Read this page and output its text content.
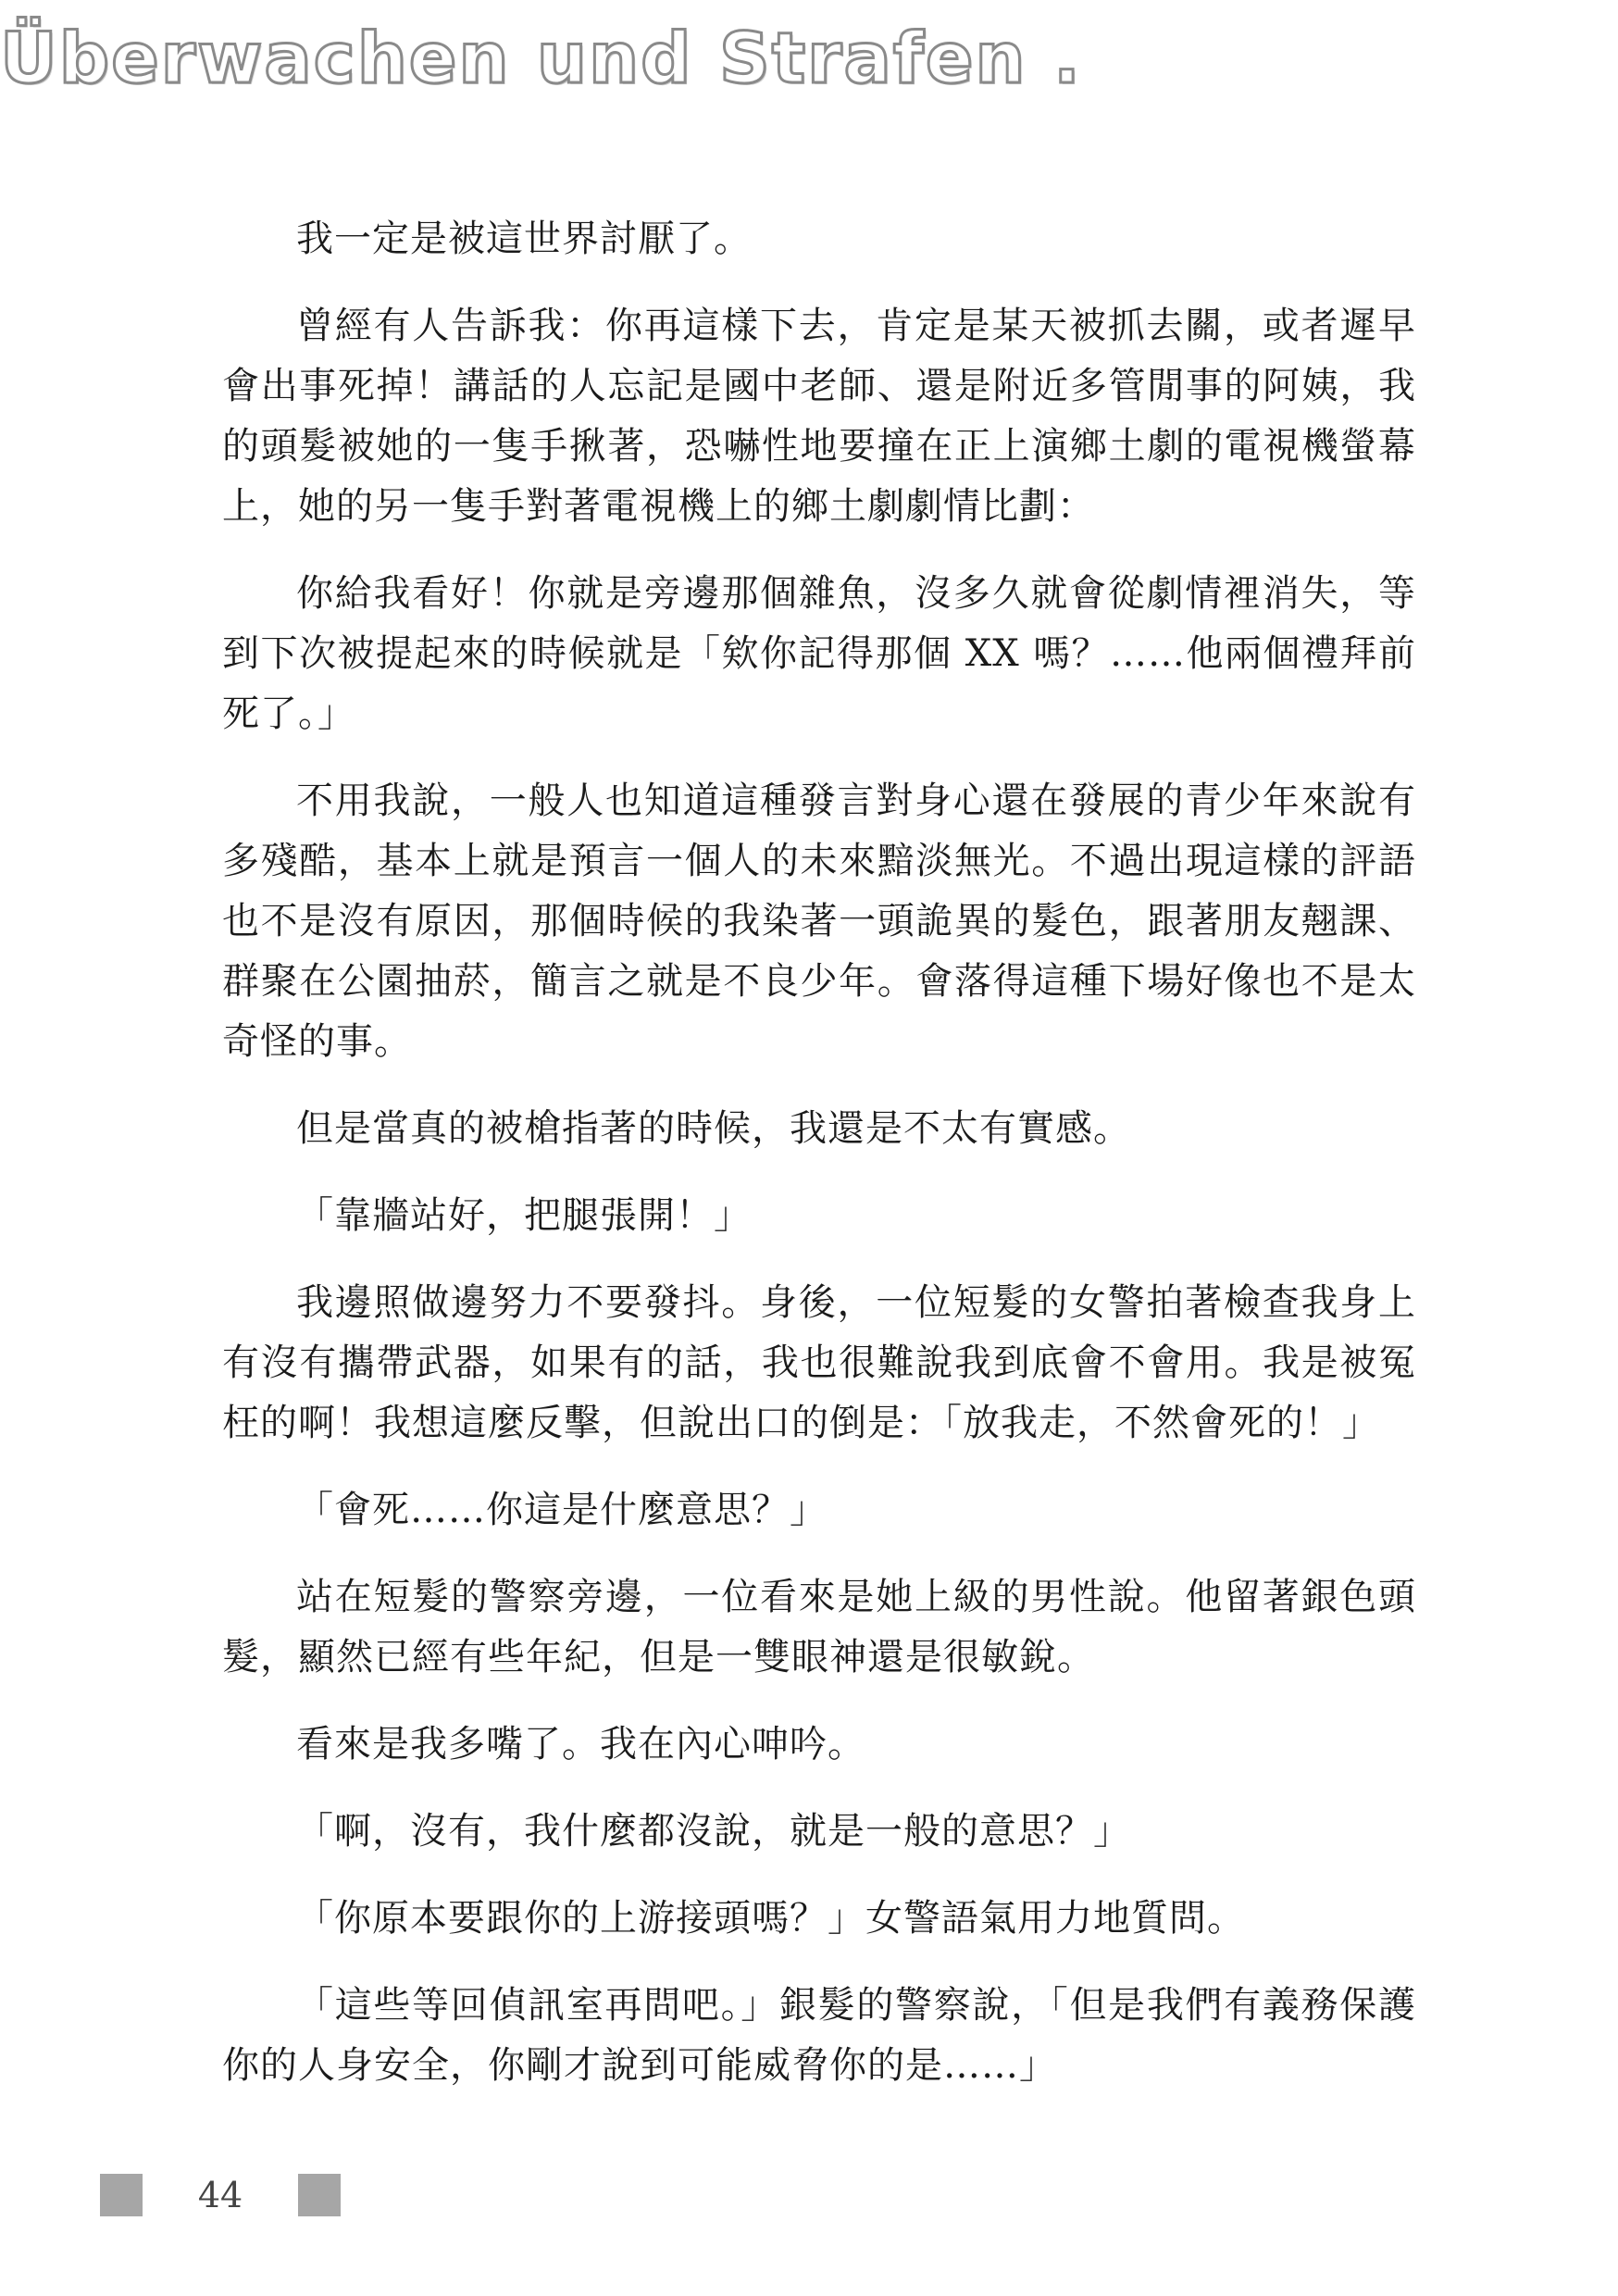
Überwachen und Strafen .

我一定是被這世界討厭了。

曾經有人告訴我：你再這樣下去，肯定是某天被抓去關，或者遲早會出事死掉！講話的人忘記是國中老師、還是附近多管閒事的阿姨，我的頭髮被她的一隻手揪著，恐嚇性地要撞在正上演鄉土劇的電視機螢幕上，她的另一隻手對著電視機上的鄉土劇劇情比劃：

你給我看好！你就是旁邊那個雜魚，沒多久就會從劇情裡消失，等到下次被提起來的時候就是「欸你記得那個 XX 嗎？……他兩個禮拜前死了。」

不用我說，一般人也知道這種發言對身心還在發展的青少年來說有多殘酷，基本上就是預言一個人的未來黯淡無光。不過出現這樣的評語也不是沒有原因，那個時候的我染著一頭詭異的髮色，跟著朋友翹課、群聚在公園抽菸，簡言之就是不良少年。會落得這種下場好像也不是太奇怪的事。

但是當真的被槍指著的時候，我還是不太有實感。

「靠牆站好，把腿張開！」

我邊照做邊努力不要發抖。身後，一位短髮的女警拍著檢查我身上有沒有攜帶武器，如果有的話，我也很難說我到底會不會用。我是被冤枉的啊！我想這麼反擊，但說出口的倒是：「放我走，不然會死的！」

「會死……你這是什麼意思？」

站在短髮的警察旁邊，一位看來是她上級的男性說。他留著銀色頭髮，顯然已經有些年紀，但是一雙眼神還是很敏銳。

看來是我多嘴了。我在內心呻吟。

「啊，沒有，我什麼都沒說，就是一般的意思？」

「你原本要跟你的上游接頭嗎？」女警語氣用力地質問。

「這些等回偵訊室再問吧。」銀髮的警察說，「但是我們有義務保護你的人身安全，你剛才說到可能威脅你的是……」

44
